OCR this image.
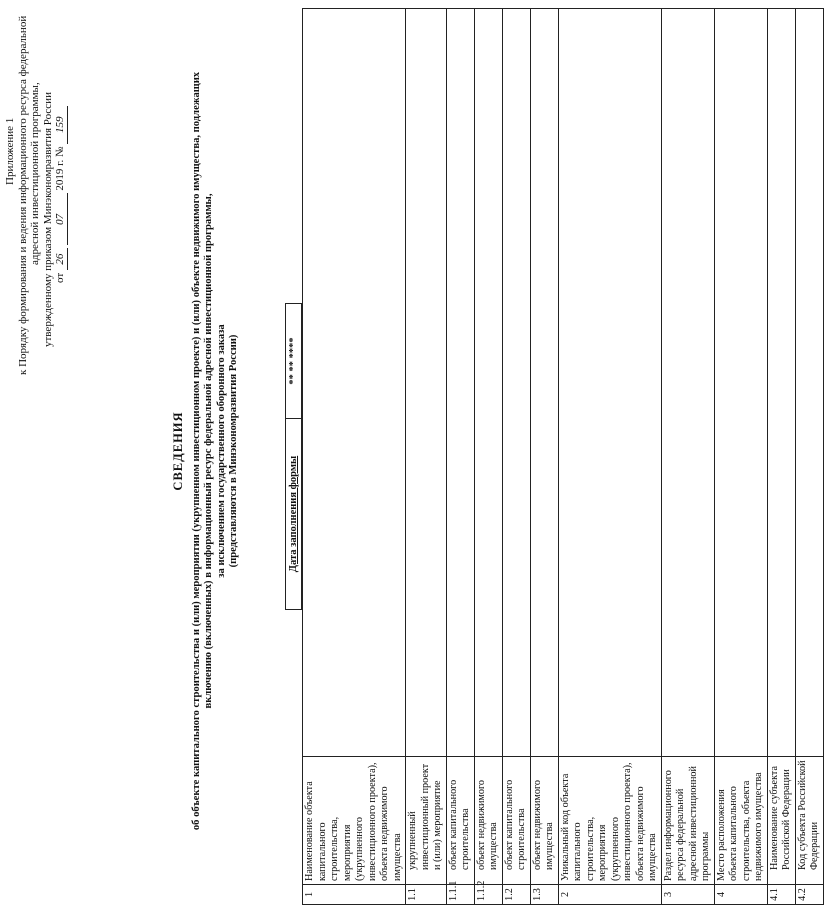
Приложение 1 к Порядку формирования и ведения информационного ресурса федеральной адресной инвестиционной программы, утвержденному приказом Минэкономразвития России от 26 07 2019 г. № 159
СВЕДЕНИЯ об объекте капитального строительства и (или) мероприятии (укрупненном инвестиционном проекте) и (или) объекте недвижимого имущества, подлежащих включению (включенных) в информационный ресурс федеральной адресной инвестиционной программы, за исключением государственного оборонного заказа (представляются в Минэкономразвития России)	Дата заполнения формы
** ** ****
1	Наименование объекта капитального строительства, мероприятия (укрупненного инвестиционного проекта), объекта недвижимого имущества	
1.1	укрупненный инвестиционный проект и (или) мероприятие	
1.1.1	объект капитального строительства	
1.1.2	объект недвижимого имущества	
1.2	объект капитального строительства	
1.3	объект недвижимого имущества	
2	Уникальный код объекта капитального строительства, мероприятия (укрупненного инвестиционного проекта), объекта недвижимого имущества	
3	Раздел информационного ресурса федеральной адресной инвестиционной программы	
4	Место расположения объекта капитального строительства, объекта недвижимого имущества	
4.1	Наименование субъекта Российской Федерации	
4.2	Код субъекта Российской Федерации	
